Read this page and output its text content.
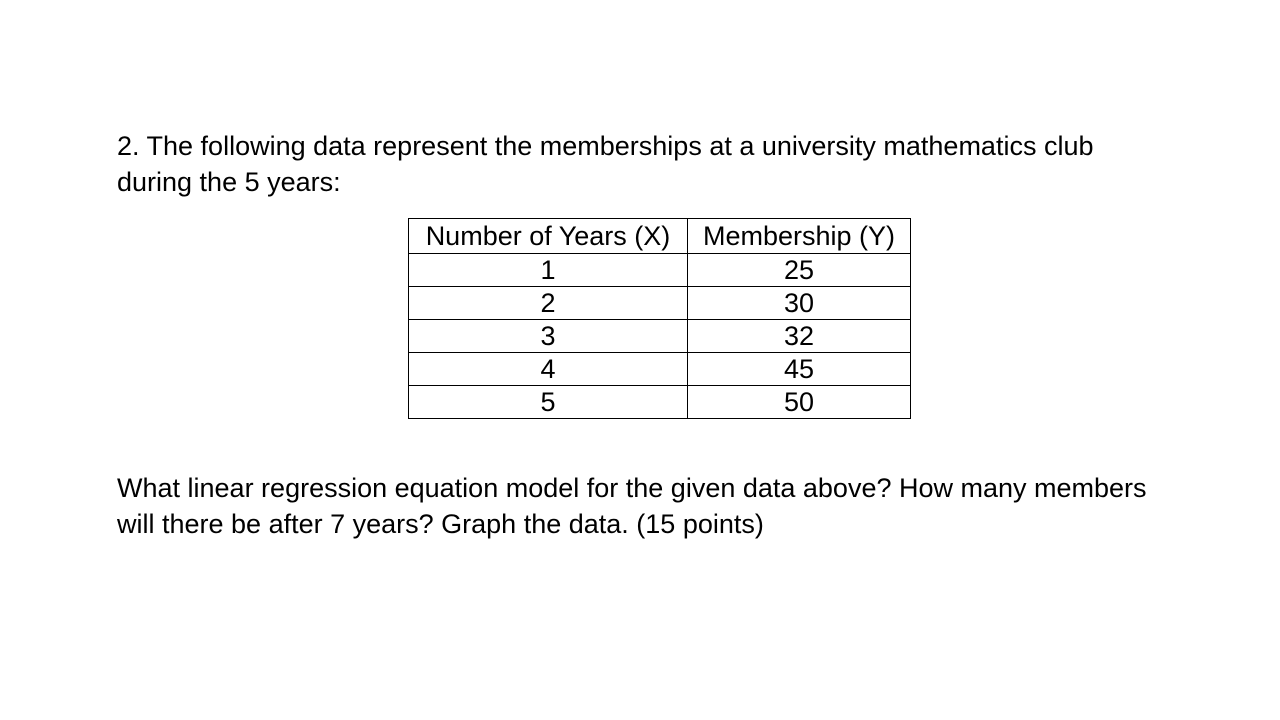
2. The following data represent the memberships at a university mathematics club
during the 5 years:

Number of Years (X)	Membership (Y)
1	25
2	30
3	32
4	45
5	50

What linear regression equation model for the given data above? How many members
will there be after 7 years? Graph the data. (15 points)
